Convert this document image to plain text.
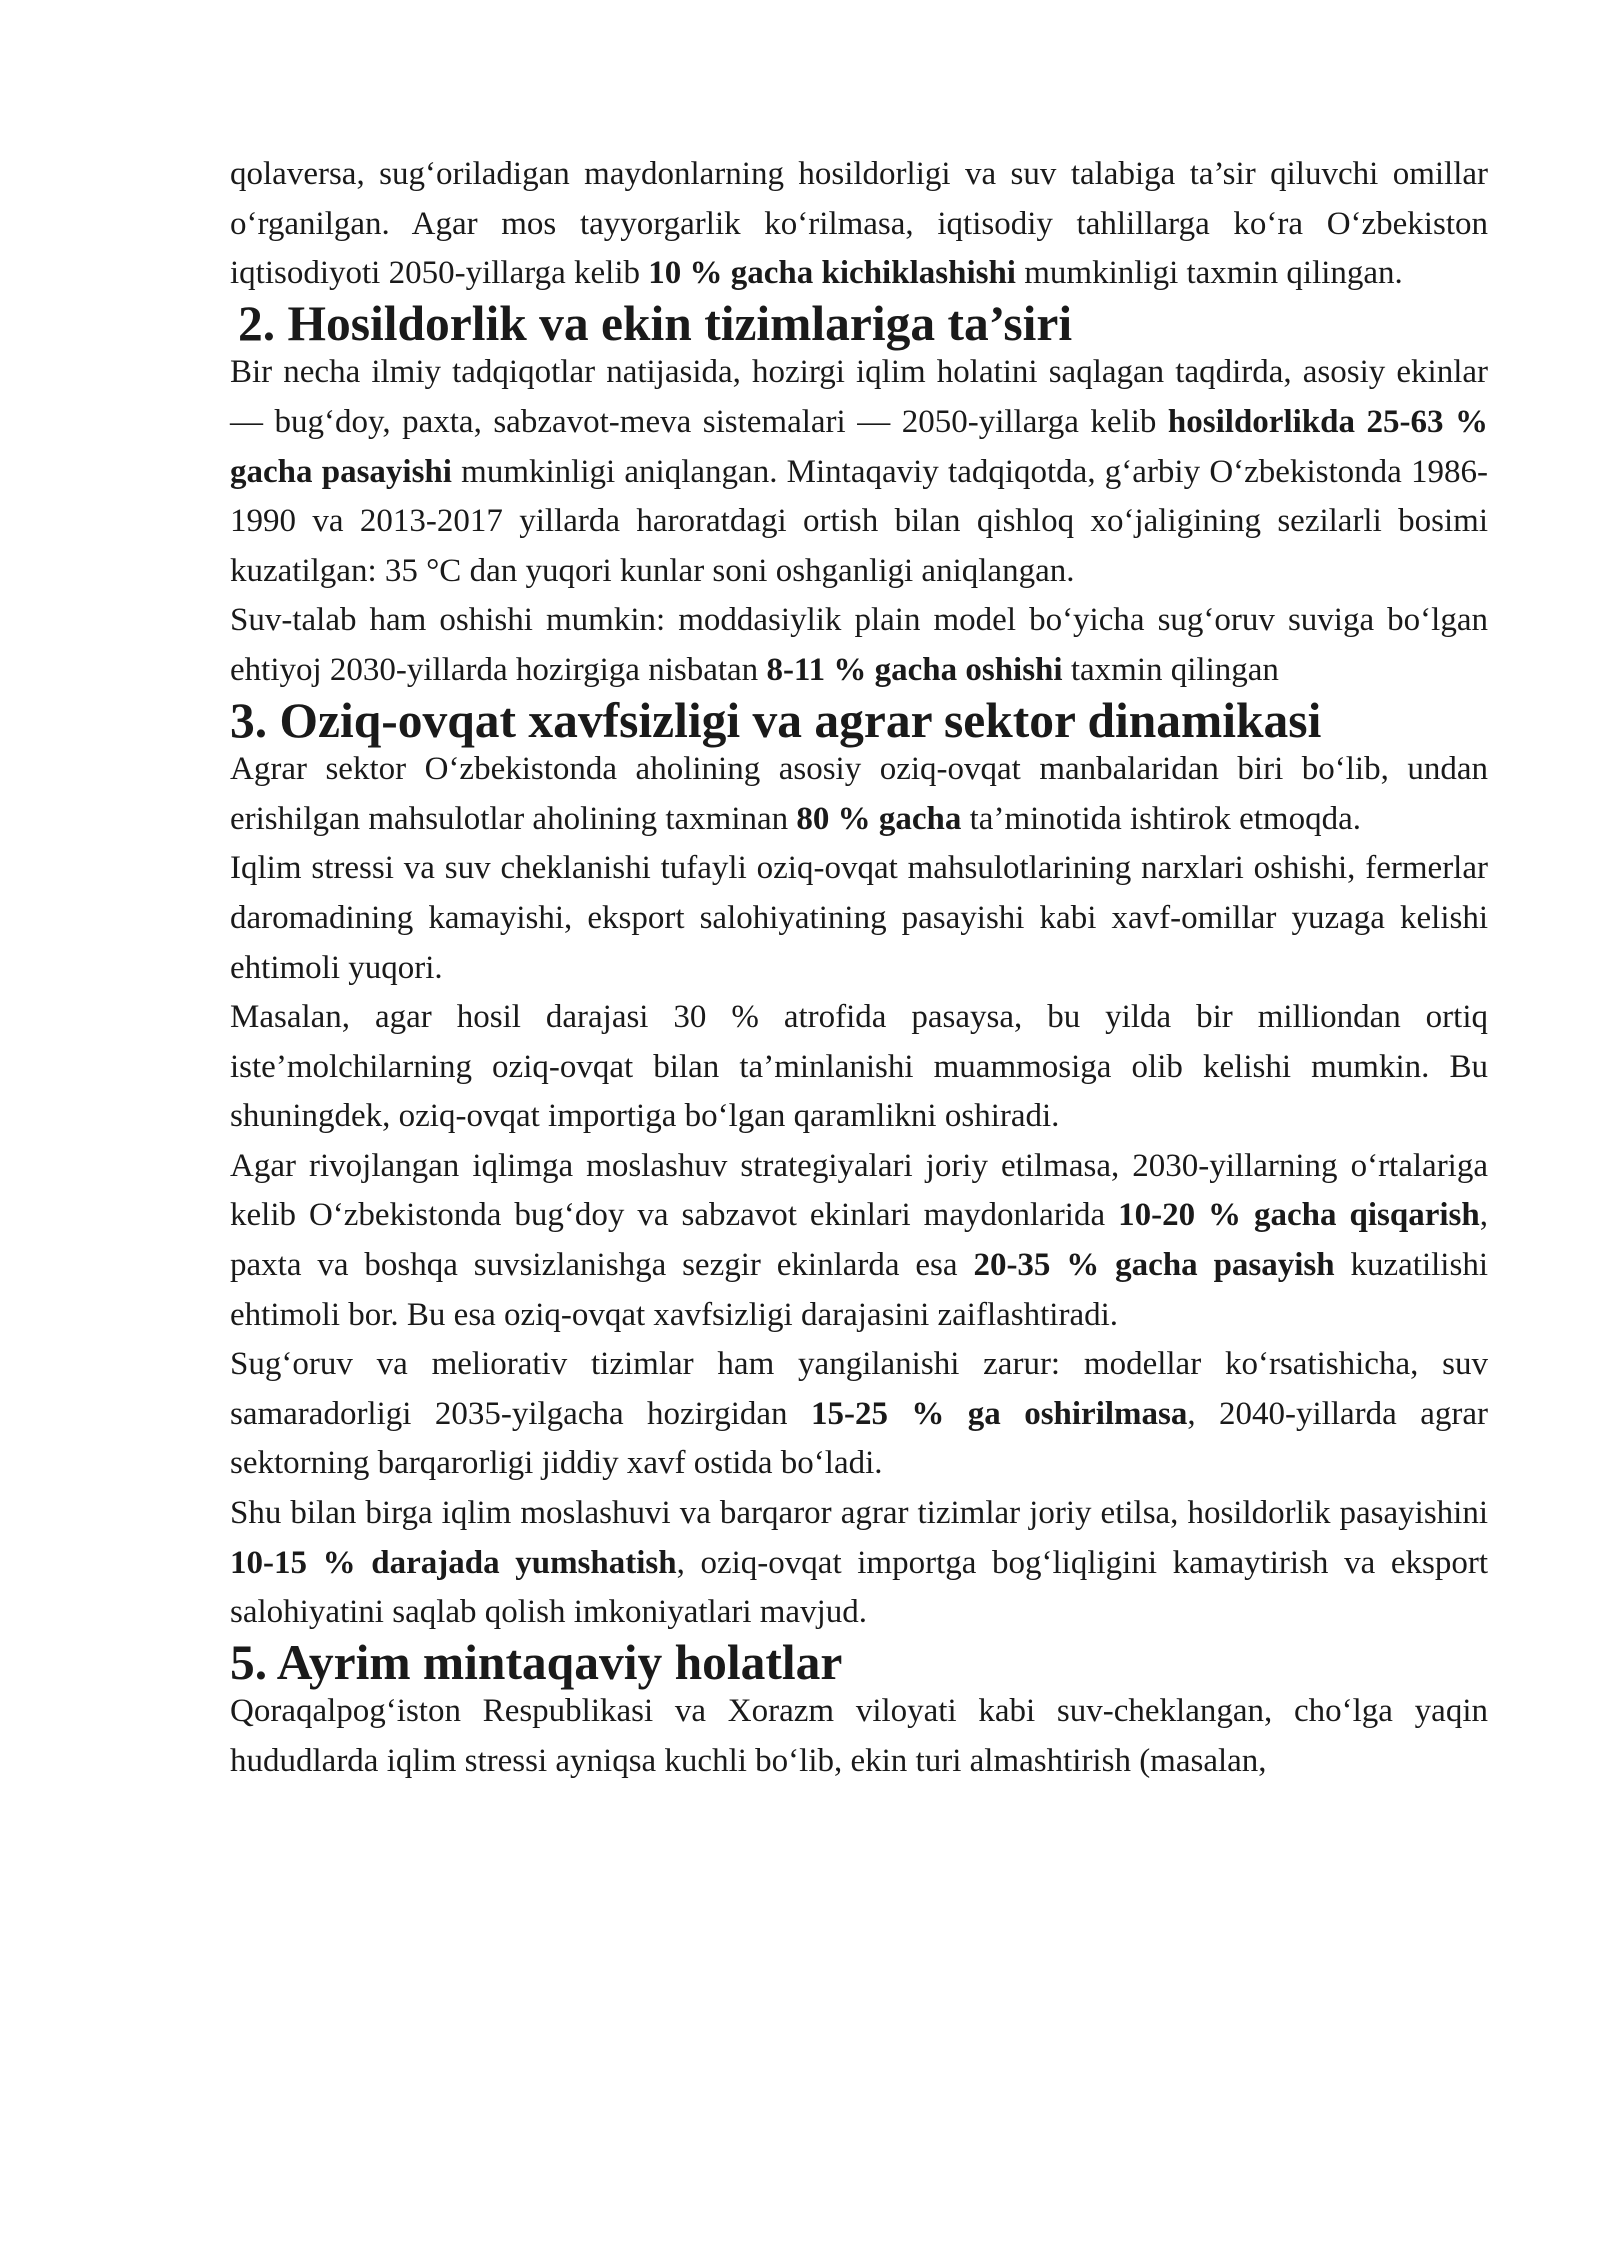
qolaversa, sug‘oriladigan maydonlarning hosildorligi va suv talabiga ta’sir qiluvchi omillar o‘rganilgan. Agar mos tayyorgarlik ko‘rilmasa, iqtisodiy tahlillarga ko‘ra O‘zbekiston iqtisodiyoti 2050-yillarga kelib 10 % gacha kichiklashishi mumkinligi taxmin qilingan.

2. Hosildorlik va ekin tizimlariga ta’siri

Bir necha ilmiy tadqiqotlar natijasida, hozirgi iqlim holatini saqlagan taqdirda, asosiy ekinlar — bug‘doy, paxta, sabzavot-meva sistemalari — 2050-yillarga kelib hosildorlikda 25-63 % gacha pasayishi mumkinligi aniqlangan. Mintaqaviy tadqiqotda, g‘arbiy O‘zbekistonda 1986-1990 va 2013-2017 yillarda haroratdagi ortish bilan qishloq xo‘jaligining sezilarli bosimi kuzatilgan: 35 °C dan yuqori kunlar soni oshganligi aniqlangan.

Suv-talab ham oshishi mumkin: moddasiylik plain model bo‘yicha sug‘oruv suviga bo‘lgan ehtiyoj 2030-yillarda hozirgiga nisbatan 8-11 % gacha oshishi taxmin qilingan

3. Oziq-ovqat xavfsizligi va agrar sektor dinamikasi

Agrar sektor O‘zbekistonda aholining asosiy oziq-ovqat manbalaridan biri bo‘lib, undan erishilgan mahsulotlar aholining taxminan 80 % gacha ta’minotida ishtirok etmoqda.

Iqlim stressi va suv cheklanishi tufayli oziq-ovqat mahsulotlarining narxlari oshishi, fermerlar daromadining kamayishi, eksport salohiyatining pasayishi kabi xavf-omillar yuzaga kelishi ehtimoli yuqori.

Masalan, agar hosil darajasi 30 % atrofida pasaysa, bu yilda bir milliondan ortiq iste’molchilarning oziq-ovqat bilan ta’minlanishi muammosiga olib kelishi mumkin. Bu shuningdek, oziq-ovqat importiga bo‘lgan qaramlikni oshiradi.

Agar rivojlangan iqlimga moslashuv strategiyalari joriy etilmasa, 2030-yillarning o‘rtalariga kelib O‘zbekistonda bug‘doy va sabzavot ekinlari maydonlarida 10-20 % gacha qisqarish, paxta va boshqa suvsizlanishga sezgir ekinlarda esa 20-35 % gacha pasayish kuzatilishi ehtimoli bor. Bu esa oziq-ovqat xavfsizligi darajasini zaiflashtiradi.

Sug‘oruv va meliorativ tizimlar ham yangilanishi zarur: modellar ko‘rsatishicha, suv samaradorligi 2035-yilgacha hozirgidan 15-25 % ga oshirilmasa, 2040-yillarda agrar sektorning barqarorligi jiddiy xavf ostida bo‘ladi.

Shu bilan birga iqlim moslashuvi va barqaror agrar tizimlar joriy etilsa, hosildorlik pasayishini 10-15 % darajada yumshatish, oziq-ovqat importga bog‘liqligini kamaytirish va eksport salohiyatini saqlab qolish imkoniyatlari mavjud.

5. Ayrim mintaqaviy holatlar

Qoraqalpog‘iston Respublikasi va Xorazm viloyati kabi suv-cheklangan, cho‘lga yaqin hududlarda iqlim stressi ayniqsa kuchli bo‘lib, ekin turi almashtirish (masalan,
